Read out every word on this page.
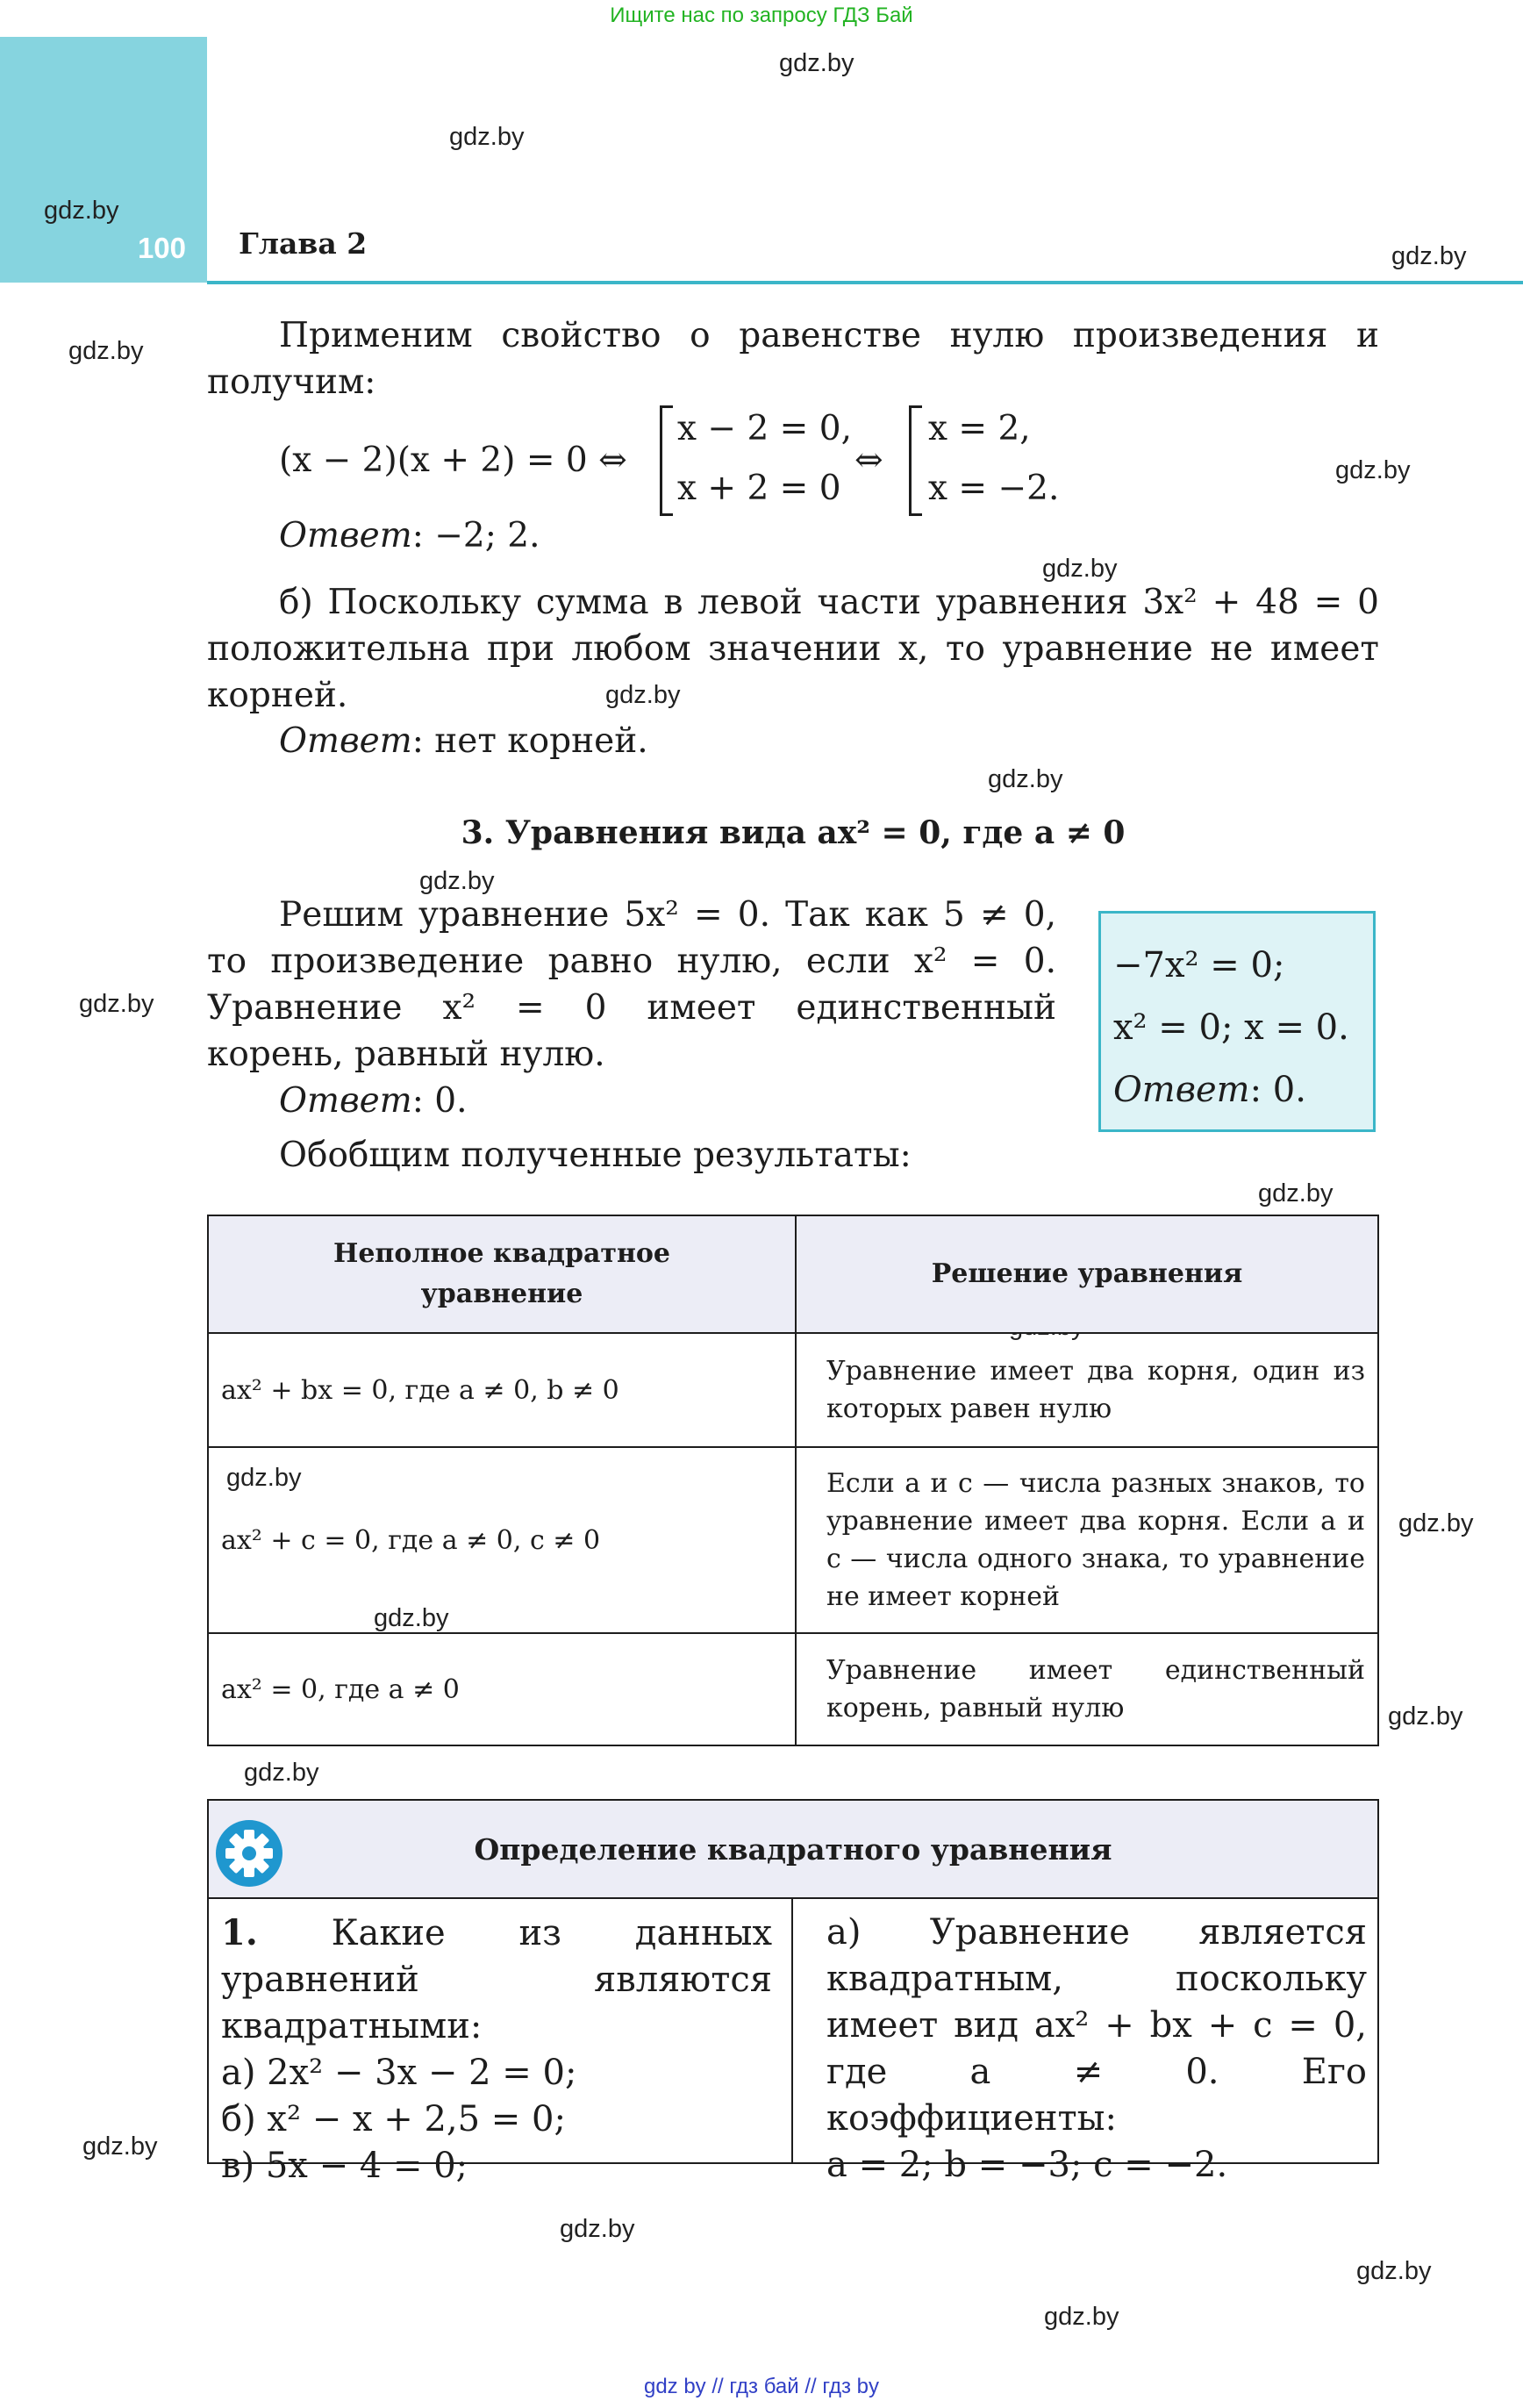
Ищите нас по запросу ГДЗ Бай
100 Глава 2
gdz.by
gdz.by
gdz.by
gdz.by
gdz.by
gdz.by
gdz.by
gdz.by
gdz.by
gdz.by
gdz.by
gdz.by
gdz.by
gdz.by
gdz.by
gdz.by
gdz.by
gdz.by
gdz.by
gdz.by
gdz.by
Применим свойство о равенстве нулю произведения и получим:
(x − 2)(x + 2) = 0 ⇔
x − 2 = 0,
x + 2 = 0
⇔
x = 2,
x = −2.
Ответ: −2; 2.
б) Поскольку сумма в левой части уравнения 3x² + 48 = 0 положительна при любом значении x, то уравнение не имеет корней.
Ответ: нет корней.
3. Уравнения вида ax² = 0, где a ≠ 0
Решим уравнение 5x² = 0. Так как 5 ≠ 0, то произведение равно нулю, если x² = 0. Уравнение x² = 0 имеет единственный корень, равный нулю.
Ответ: 0.
−7x² = 0;
x² = 0; x = 0.
Ответ: 0.
Обобщим полученные результаты:
Неполное квадратное уравнение	Решение уравнения
ax² + bx = 0, где a ≠ 0, b ≠ 0	Уравнение имеет два корня, один из которых равен нулю
ax² + c = 0, где a ≠ 0, c ≠ 0	Если a и c — числа разных знаков, то уравнение имеет два корня. Если a и c — числа одного знака, то уравнение не имеет корней
ax² = 0, где a ≠ 0	Уравнение имеет единственный корень, равный нулю
Определение квадратного уравнения
1. Какие из данных уравнений являются квадратными:
а) 2x² − 3x − 2 = 0;
б) x² − x + 2,5 = 0;
в) 5x − 4 = 0;
а) Уравнение является квадратным, поскольку имеет вид ax² + bx + c = 0, где a ≠ 0. Его коэффициенты:
a = 2; b = −3; c = −2.
gdz by // гдз бай // гдз by
